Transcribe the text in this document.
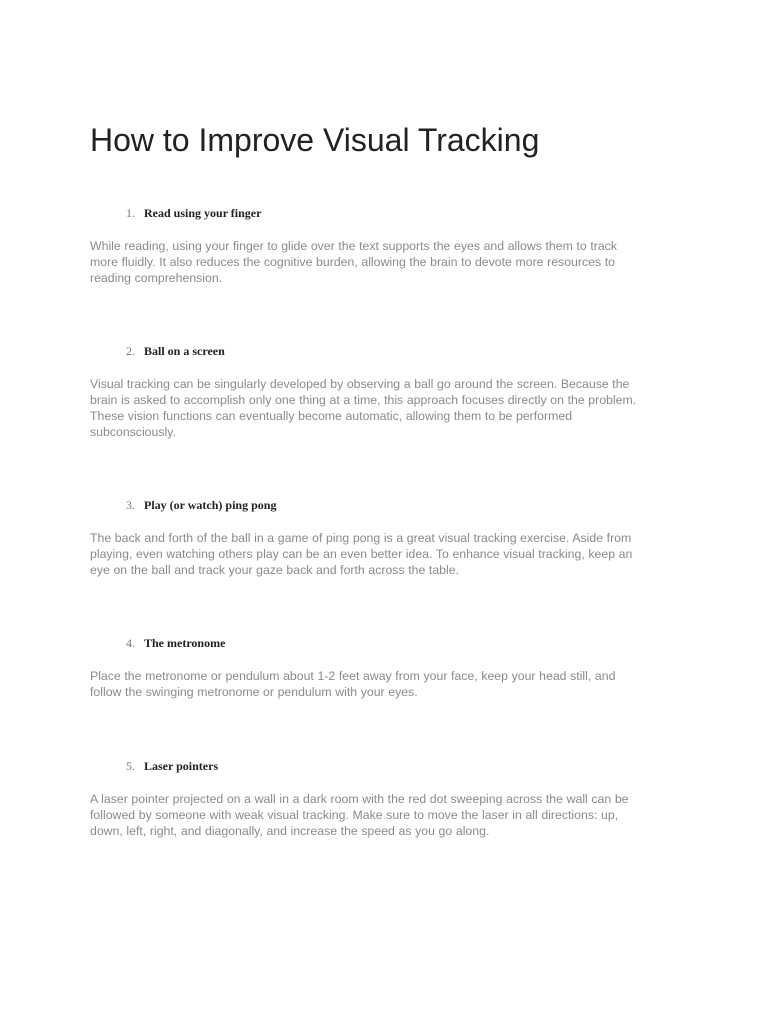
How to Improve Visual Tracking
1. Read using your finger
While reading, using your finger to glide over the text supports the eyes and allows them to track
more fluidly. It also reduces the cognitive burden, allowing the brain to devote more resources to
reading comprehension.
2. Ball on a screen
Visual tracking can be singularly developed by observing a ball go around the screen. Because the
brain is asked to accomplish only one thing at a time, this approach focuses directly on the problem.
These vision functions can eventually become automatic, allowing them to be performed
subconsciously.
3. Play (or watch) ping pong
The back and forth of the ball in a game of ping pong is a great visual tracking exercise. Aside from
playing, even watching others play can be an even better idea. To enhance visual tracking, keep an
eye on the ball and track your gaze back and forth across the table.
4. The metronome
Place the metronome or pendulum about 1-2 feet away from your face, keep your head still, and
follow the swinging metronome or pendulum with your eyes.
5. Laser pointers
A laser pointer projected on a wall in a dark room with the red dot sweeping across the wall can be
followed by someone with weak visual tracking. Make sure to move the laser in all directions: up,
down, left, right, and diagonally, and increase the speed as you go along.
